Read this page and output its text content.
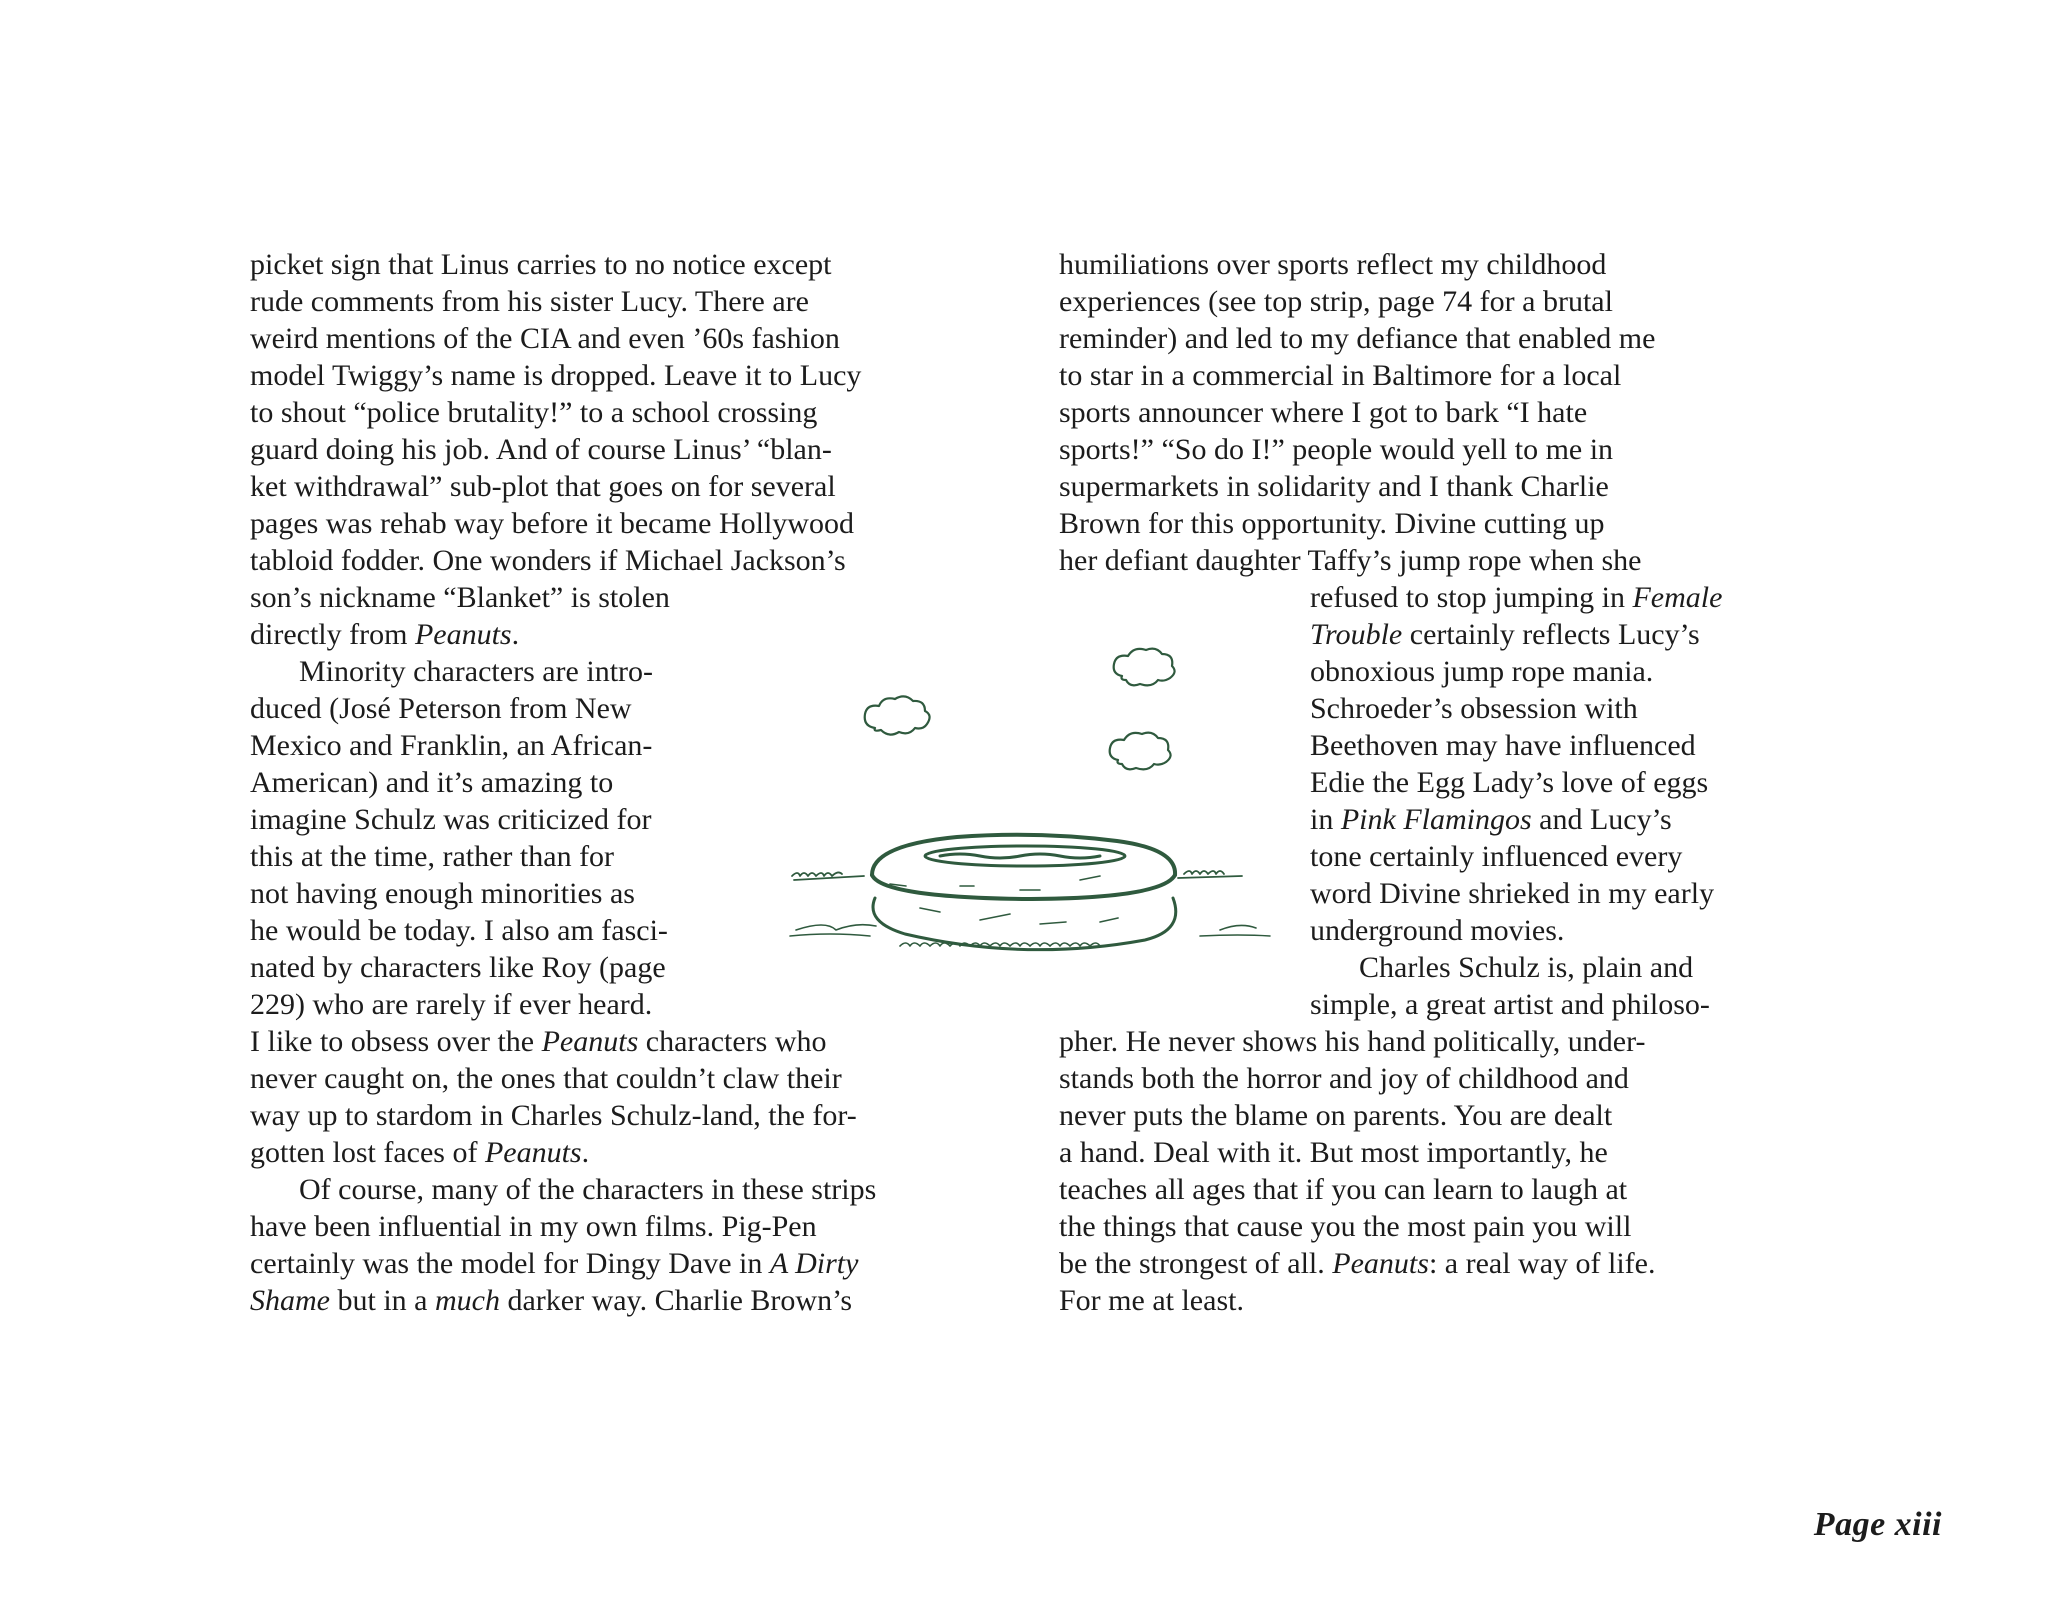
picket sign that Linus carries to no notice except
rude comments from his sister Lucy. There are
weird mentions of the CIA and even ’60s fashion
model Twiggy’s name is dropped. Leave it to Lucy
to shout “police brutality!” to a school crossing
guard doing his job. And of course Linus’ “blan-
ket withdrawal” sub-plot that goes on for several
pages was rehab way before it became Hollywood
tabloid fodder. One wonders if Michael Jackson’s
son’s nickname “Blanket” is stolen
directly from Peanuts.
Minority characters are intro-
duced (José Peterson from New
Mexico and Franklin, an African-
American) and it’s amazing to
imagine Schulz was criticized for
this at the time, rather than for
not having enough minorities as
he would be today. I also am fasci-
nated by characters like Roy (page
229) who are rarely if ever heard.
I like to obsess over the Peanuts characters who
never caught on, the ones that couldn’t claw their
way up to stardom in Charles Schulz-land, the for-
gotten lost faces of Peanuts.
Of course, many of the characters in these strips
have been influential in my own films. Pig-Pen
certainly was the model for Dingy Dave in A Dirty
Shame but in a much darker way. Charlie Brown’s
humiliations over sports reflect my childhood
experiences (see top strip, page 74 for a brutal
reminder) and led to my defiance that enabled me
to star in a commercial in Baltimore for a local
sports announcer where I got to bark “I hate
sports!” “So do I!” people would yell to me in
supermarkets in solidarity and I thank Charlie
Brown for this opportunity. Divine cutting up
her defiant daughter Taffy’s jump rope when she
refused to stop jumping in Female
Trouble certainly reflects Lucy’s
obnoxious jump rope mania.
Schroeder’s obsession with
Beethoven may have influenced
Edie the Egg Lady’s love of eggs
in Pink Flamingos and Lucy’s
tone certainly influenced every
word Divine shrieked in my early
underground movies.
Charles Schulz is, plain and
simple, a great artist and philoso-
pher. He never shows his hand politically, under-
stands both the horror and joy of childhood and
never puts the blame on parents. You are dealt
a hand. Deal with it. But most importantly, he
teaches all ages that if you can learn to laugh at
the things that cause you the most pain you will
be the strongest of all. Peanuts: a real way of life.
For me at least.
Page xiii
